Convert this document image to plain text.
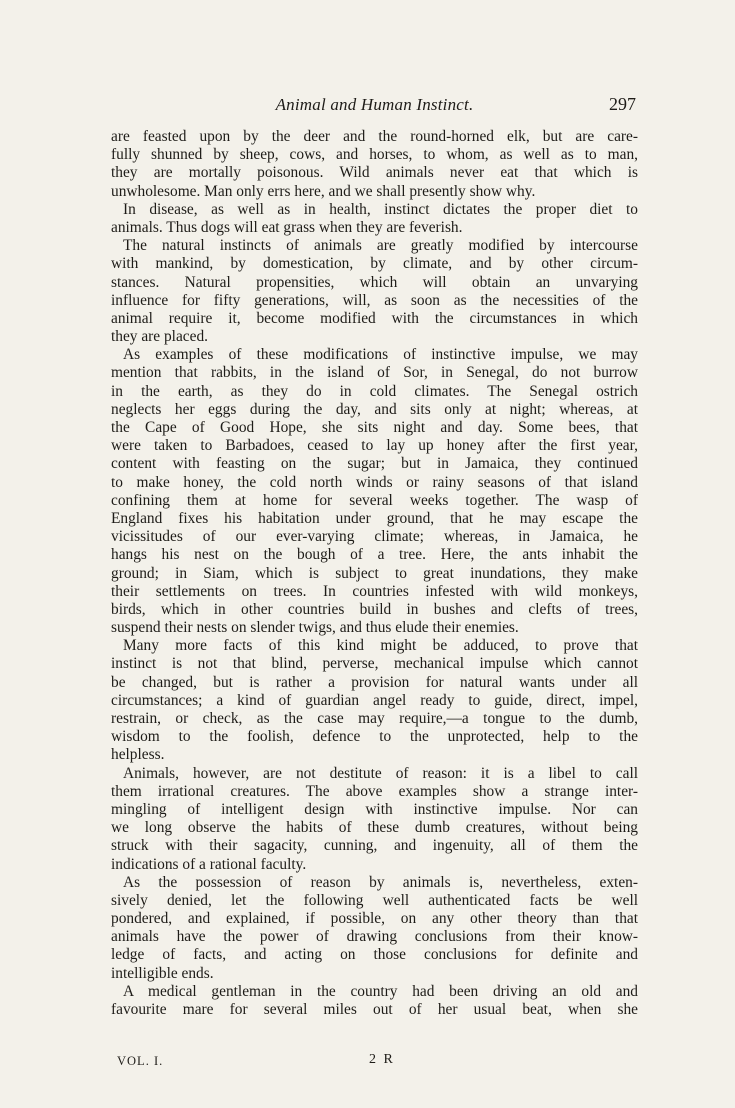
Animal and Human Instinct.	297
are feasted upon by the deer and the round-horned elk, but are care-
fully shunned by sheep, cows, and horses, to whom, as well as to man,
they are mortally poisonous. Wild animals never eat that which is
unwholesome. Man only errs here, and we shall presently show why.
In disease, as well as in health, instinct dictates the proper diet to
animals. Thus dogs will eat grass when they are feverish.
The natural instincts of animals are greatly modified by intercourse
with mankind, by domestication, by climate, and by other circum-
stances. Natural propensities, which will obtain an unvarying
influence for fifty generations, will, as soon as the necessities of the
animal require it, become modified with the circumstances in which
they are placed.
As examples of these modifications of instinctive impulse, we may
mention that rabbits, in the island of Sor, in Senegal, do not burrow
in the earth, as they do in cold climates. The Senegal ostrich
neglects her eggs during the day, and sits only at night; whereas, at
the Cape of Good Hope, she sits night and day. Some bees, that
were taken to Barbadoes, ceased to lay up honey after the first year,
content with feasting on the sugar; but in Jamaica, they continued
to make honey, the cold north winds or rainy seasons of that island
confining them at home for several weeks together. The wasp of
England fixes his habitation under ground, that he may escape the
vicissitudes of our ever-varying climate; whereas, in Jamaica, he
hangs his nest on the bough of a tree. Here, the ants inhabit the
ground; in Siam, which is subject to great inundations, they make
their settlements on trees. In countries infested with wild monkeys,
birds, which in other countries build in bushes and clefts of trees,
suspend their nests on slender twigs, and thus elude their enemies.
Many more facts of this kind might be adduced, to prove that
instinct is not that blind, perverse, mechanical impulse which cannot
be changed, but is rather a provision for natural wants under all
circumstances; a kind of guardian angel ready to guide, direct, impel,
restrain, or check, as the case may require,—a tongue to the dumb,
wisdom to the foolish, defence to the unprotected, help to the
helpless.
Animals, however, are not destitute of reason: it is a libel to call
them irrational creatures. The above examples show a strange inter-
mingling of intelligent design with instinctive impulse. Nor can
we long observe the habits of these dumb creatures, without being
struck with their sagacity, cunning, and ingenuity, all of them the
indications of a rational faculty.
As the possession of reason by animals is, nevertheless, exten-
sively denied, let the following well authenticated facts be well
pondered, and explained, if possible, on any other theory than that
animals have the power of drawing conclusions from their know-
ledge of facts, and acting on those conclusions for definite and
intelligible ends.
A medical gentleman in the country had been driving an old and
favourite mare for several miles out of her usual beat, when she
VOL. I.	2 R
